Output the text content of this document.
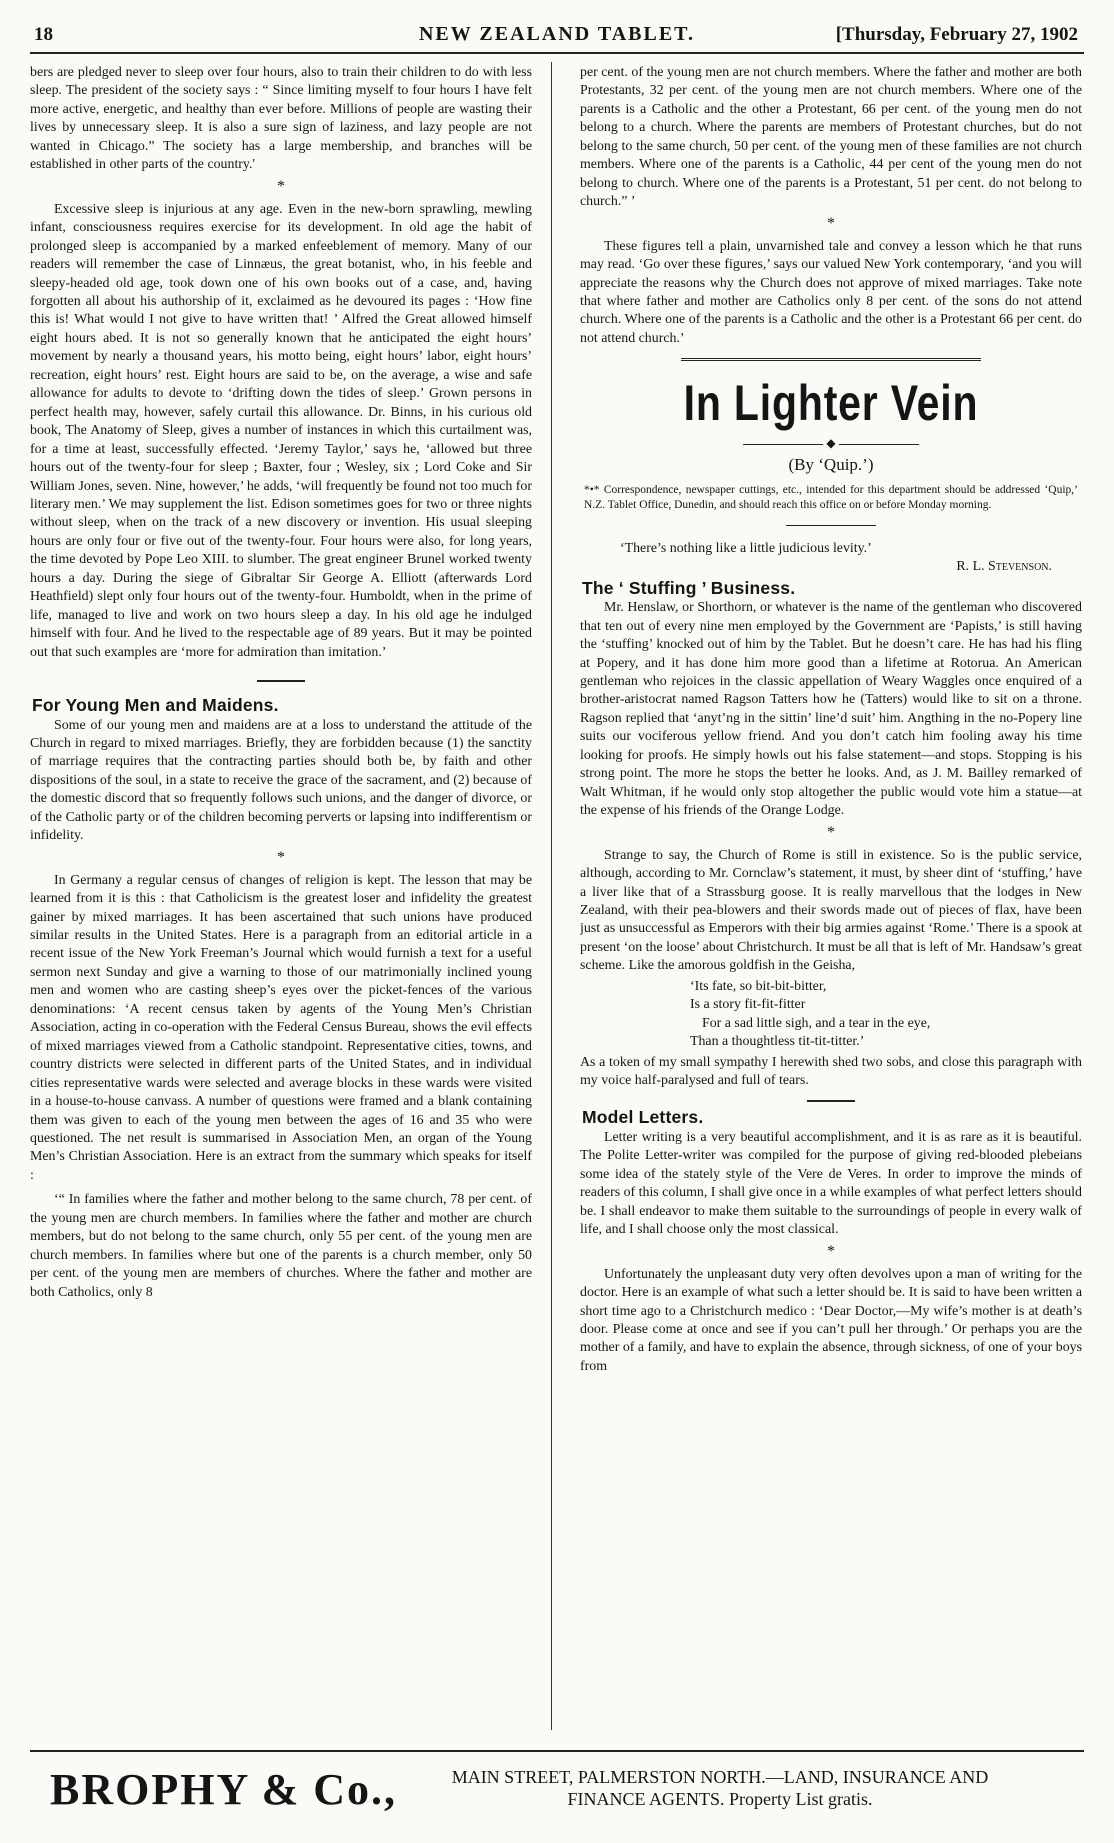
18	NEW ZEALAND TABLET.	[Thursday, February 27, 1902

bers are pledged never to sleep over four hours, also to train their children to do with less sleep. The president of the society says : “ Since limiting myself to four hours I have felt more active, energetic, and healthy than ever before. Millions of people are wasting their lives by unnecessary sleep. It is also a sure sign of laziness, and lazy people are not wanted in Chicago.” The society has a large membership, and branches will be established in other parts of the country.'

*

Excessive sleep is injurious at any age. Even in the new-born sprawling, mewling infant, consciousness requires exercise for its development. In old age the habit of prolonged sleep is accompanied by a marked enfeeblement of memory. Many of our readers will remember the case of Linnæus, the great botanist, who, in his feeble and sleepy-headed old age, took down one of his own books out of a case, and, having forgotten all about his authorship of it, exclaimed as he devoured its pages : ‘How fine this is! What would I not give to have written that! ’ Alfred the Great allowed himself eight hours abed. It is not so generally known that he anticipated the eight hours’ movement by nearly a thousand years, his motto being, eight hours’ labor, eight hours’ recreation, eight hours’ rest. Eight hours are said to be, on the average, a wise and safe allowance for adults to devote to ‘drifting down the tides of sleep.’ Grown persons in perfect health may, however, safely curtail this allowance. Dr. Binns, in his curious old book, The Anatomy of Sleep, gives a number of instances in which this curtailment was, for a time at least, successfully effected. ‘Jeremy Taylor,’ says he, ‘allowed but three hours out of the twenty-four for sleep ; Baxter, four ; Wesley, six ; Lord Coke and Sir William Jones, seven. Nine, however,’ he adds, ‘will frequently be found not too much for literary men.’ We may supplement the list. Edison sometimes goes for two or three nights without sleep, when on the track of a new discovery or invention. His usual sleeping hours are only four or five out of the twenty-four. Four hours were also, for long years, the time devoted by Pope Leo XIII. to slumber. The great engineer Brunel worked twenty hours a day. During the siege of Gibraltar Sir George A. Elliott (afterwards Lord Heathfield) slept only four hours out of the twenty-four. Humboldt, when in the prime of life, managed to live and work on two hours sleep a day. In his old age he indulged himself with four. And he lived to the respectable age of 89 years. But it may be pointed out that such examples are ‘more for admiration than imitation.’

For Young Men and Maidens.

Some of our young men and maidens are at a loss to understand the attitude of the Church in regard to mixed marriages. Briefly, they are forbidden because (1) the sanctity of marriage requires that the contracting parties should both be, by faith and other dispositions of the soul, in a state to receive the grace of the sacrament, and (2) because of the domestic discord that so frequently follows such unions, and the danger of divorce, or of the Catholic party or of the children becoming perverts or lapsing into indifferentism or infidelity.

*

In Germany a regular census of changes of religion is kept. The lesson that may be learned from it is this : that Catholicism is the greatest loser and infidelity the greatest gainer by mixed marriages. It has been ascertained that such unions have produced similar results in the United States. Here is a paragraph from an editorial article in a recent issue of the New York Freeman’s Journal which would furnish a text for a useful sermon next Sunday and give a warning to those of our matrimonially inclined young men and women who are casting sheep’s eyes over the picket-fences of the various denominations: ‘A recent census taken by agents of the Young Men’s Christian Association, acting in co-operation with the Federal Census Bureau, shows the evil effects of mixed marriages viewed from a Catholic standpoint. Representative cities, towns, and country districts were selected in different parts of the United States, and in individual cities representative wards were selected and average blocks in these wards were visited in a house-to-house canvass. A number of questions were framed and a blank containing them was given to each of the young men between the ages of 16 and 35 who were questioned. The net result is summarised in Association Men, an organ of the Young Men’s Christian Association. Here is an extract from the summary which speaks for itself :

‘“ In families where the father and mother belong to the same church, 78 per cent. of the young men are church members. In families where the father and mother are church members, but do not belong to the same church, only 55 per cent. of the young men are church members. In families where but one of the parents is a church member, only 50 per cent. of the young men are members of churches. Where the father and mother are both Catholics, only 8

per cent. of the young men are not church members. Where the father and mother are both Protestants, 32 per cent. of the young men are not church members. Where one of the parents is a Catholic and the other a Protestant, 66 per cent. of the young men do not belong to a church. Where the parents are members of Protestant churches, but do not belong to the same church, 50 per cent. of the young men of these families are not church members. Where one of the parents is a Catholic, 44 per cent of the young men do not belong to church. Where one of the parents is a Protestant, 51 per cent. do not belong to church.” ’

*

These figures tell a plain, unvarnished tale and convey a lesson which he that runs may read. ‘Go over these figures,’ says our valued New York contemporary, ‘and you will appreciate the reasons why the Church does not approve of mixed marriages. Take note that where father and mother are Catholics only 8 per cent. of the sons do not attend church. Where one of the parents is a Catholic and the other is a Protestant 66 per cent. do not attend church.’

In Lighter Vein
◆
(By ‘Quip.’)
*•* Correspondence, newspaper cuttings, etc., intended for this department should be addressed ‘Quip,’ N.Z. Tablet Office, Dunedin, and should reach this office on or before Monday morning.
‘There’s nothing like a little judicious levity.’
R. L. Stevenson.
The ‘ Stuffing ’ Business.

Mr. Henslaw, or Shorthorn, or whatever is the name of the gentleman who discovered that ten out of every nine men employed by the Government are ‘Papists,’ is still having the ‘stuffing’ knocked out of him by the Tablet. But he doesn’t care. He has had his fling at Popery, and it has done him more good than a lifetime at Rotorua. An American gentleman who rejoices in the classic appellation of Weary Waggles once enquired of a brother-aristocrat named Ragson Tatters how he (Tatters) would like to sit on a throne. Ragson replied that ‘anyt’ng in the sittin’ line’d suit’ him. Angthing in the no-Popery line suits our vociferous yellow friend. And you don’t catch him fooling away his time looking for proofs. He simply howls out his false statement—and stops. Stopping is his strong point. The more he stops the better he looks. And, as J. M. Bailley remarked of Walt Whitman, if he would only stop altogether the public would vote him a statue—at the expense of his friends of the Orange Lodge.

*

Strange to say, the Church of Rome is still in existence. So is the public service, although, according to Mr. Cornclaw’s statement, it must, by sheer dint of ‘stuffing,’ have a liver like that of a Strassburg goose. It is really marvellous that the lodges in New Zealand, with their pea-blowers and their swords made out of pieces of flax, have been just as unsuccessful as Emperors with their big armies against ‘Rome.’ There is a spook at present ‘on the loose’ about Christchurch. It must be all that is left of Mr. Handsaw’s great scheme. Like the amorous goldfish in the Geisha,

‘Its fate, so bit-bit-bitter,
Is a story fit-fit-fitter
For a sad little sigh, and a tear in the eye,
Than a thoughtless tit-tit-titter.’

As a token of my small sympathy I herewith shed two sobs, and close this paragraph with my voice half-paralysed and full of tears.

Model Letters.

Letter writing is a very beautiful accomplishment, and it is as rare as it is beautiful. The Polite Letter-writer was compiled for the purpose of giving red-blooded plebeians some idea of the stately style of the Vere de Veres. In order to improve the minds of readers of this column, I shall give once in a while examples of what perfect letters should be. I shall endeavor to make them suitable to the surroundings of people in every walk of life, and I shall choose only the most classical.

*

Unfortunately the unpleasant duty very often devolves upon a man of writing for the doctor. Here is an example of what such a letter should be. It is said to have been written a short time ago to a Christchurch medico : ‘Dear Doctor,—My wife’s mother is at death’s door. Please come at once and see if you can’t pull her through.’ Or perhaps you are the mother of a family, and have to explain the absence, through sickness, of one of your boys from

BROPHY & Co.,	MAIN STREET, PALMERSTON NORTH.—LAND, INSURANCE AND
FINANCE AGENTS. Property List gratis.
